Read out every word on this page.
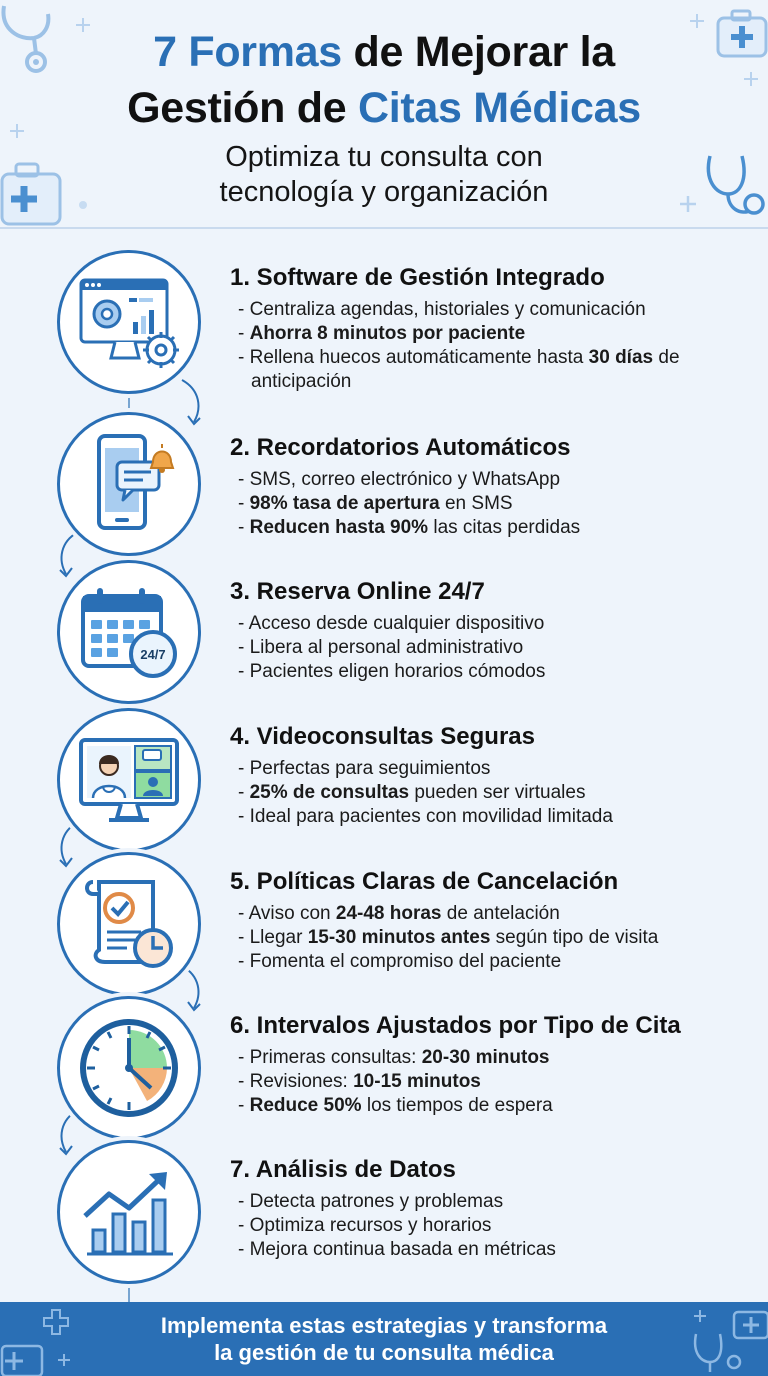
7 Formas de Mejorar la
Gestión de Citas Médicas
Optimiza tu consulta con
tecnología y organización
1. Software de Gestión Integrado
- Centraliza agendas, historiales y comunicación
- Ahorra 8 minutos por paciente
- Rellena huecos automáticamente hasta 30 días de anticipación
2. Recordatorios Automáticos
- SMS, correo electrónico y WhatsApp
- 98% tasa de apertura en SMS
- Reducen hasta 90% las citas perdidas
24/7
3. Reserva Online 24/7
- Acceso desde cualquier dispositivo
- Libera al personal administrativo
- Pacientes eligen horarios cómodos
4. Videoconsultas Seguras
- Perfectas para seguimientos
- 25% de consultas pueden ser virtuales
- Ideal para pacientes con movilidad limitada
5. Políticas Claras de Cancelación
- Aviso con 24-48 horas de antelación
- Llegar 15-30 minutos antes según tipo de visita
- Fomenta el compromiso del paciente
6. Intervalos Ajustados por Tipo de Cita
- Primeras consultas: 20-30 minutos
- Revisiones: 10-15 minutos
- Reduce 50% los tiempos de espera
7. Análisis de Datos
- Detecta patrones y problemas
- Optimiza recursos y horarios
- Mejora continua basada en métricas
Implementa estas estrategias y transforma
la gestión de tu consulta médica
